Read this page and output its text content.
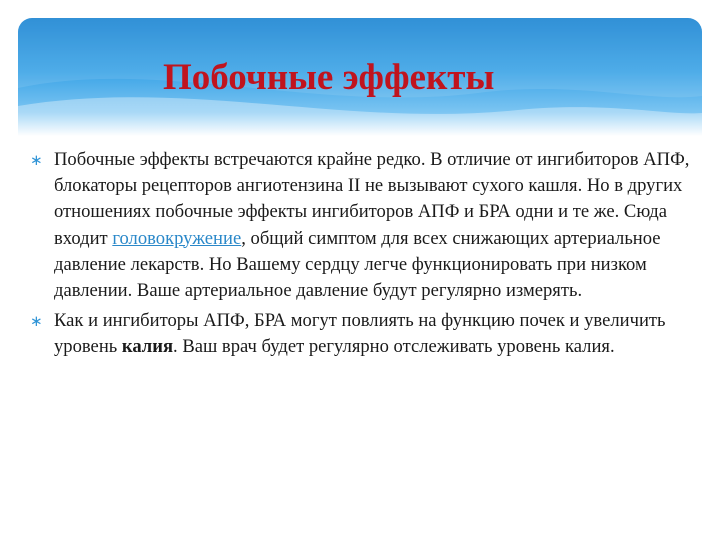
Побочные эффекты

∗ Побочные эффекты встречаются крайне редко. В отличие от ингибиторов АПФ, блокаторы рецепторов ангиотензина II не вызывают сухого кашля. Но в других отношениях побочные эффекты ингибиторов АПФ и БРА одни и те же. Сюда входит головокружение, общий симптом для всех снижающих артериальное давление лекарств. Но Вашему сердцу легче функционировать при низком давлении. Ваше артериальное давление будут регулярно измерять.

∗ Как и ингибиторы АПФ, БРА могут повлиять на функцию почек и увеличить уровень калия. Ваш врач будет регулярно отслеживать уровень калия.
